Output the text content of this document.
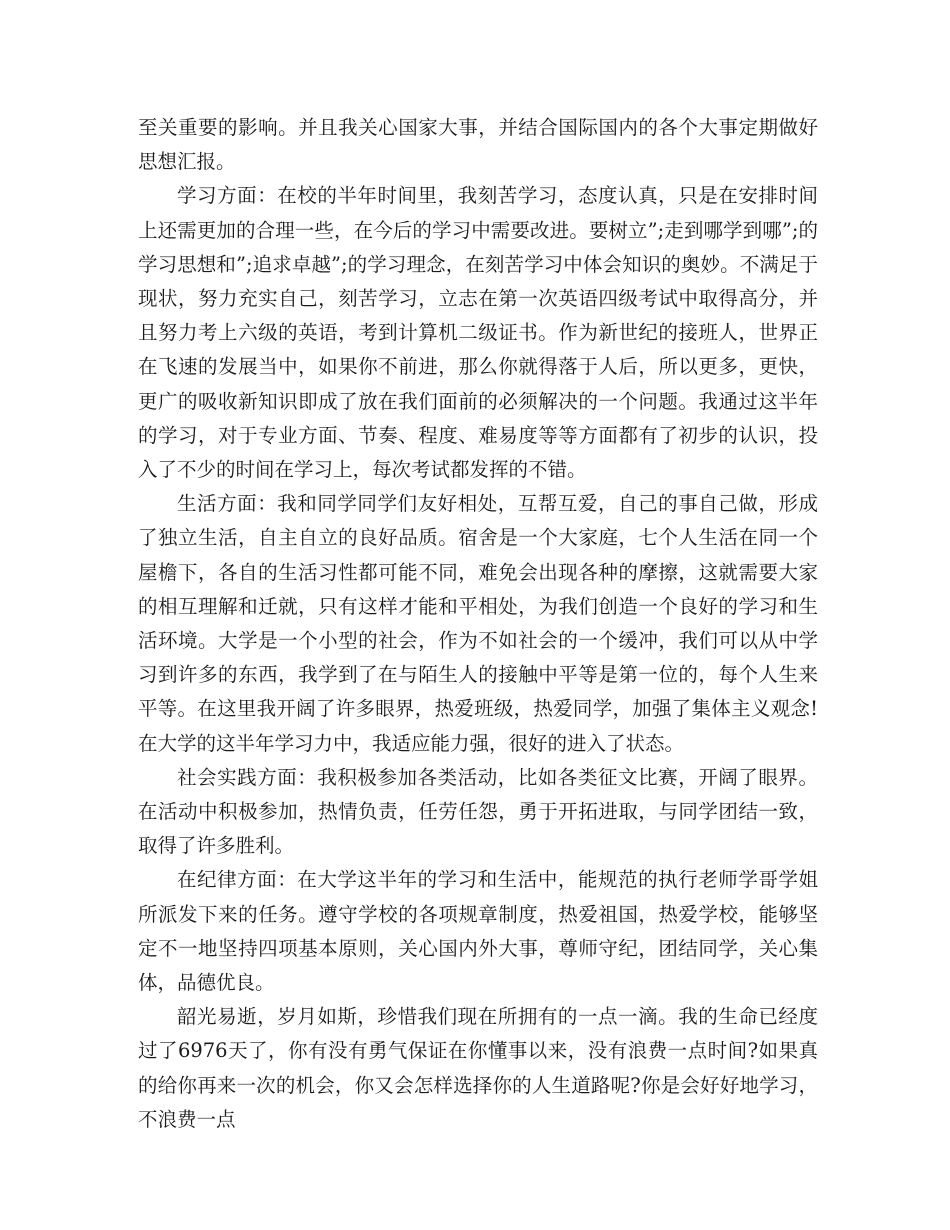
至关重要的影响。并且我关心国家大事，并结合国际国内的各个大事定期做好思想汇报。

学习方面：在校的半年时间里，我刻苦学习，态度认真，只是在安排时间上还需更加的合理一些，在今后的学习中需要改进。要树立”;走到哪学到哪”;的学习思想和”;追求卓越”;的学习理念，在刻苦学习中体会知识的奥妙。不满足于现状，努力充实自己，刻苦学习，立志在第一次英语四级考试中取得高分，并且努力考上六级的英语，考到计算机二级证书。作为新世纪的接班人，世界正在飞速的发展当中，如果你不前进，那么你就得落于人后，所以更多，更快，更广的吸收新知识即成了放在我们面前的必须解决的一个问题。我通过这半年的学习，对于专业方面、节奏、程度、难易度等等方面都有了初步的认识，投入了不少的时间在学习上，每次考试都发挥的不错。

生活方面：我和同学同学们友好相处，互帮互爱，自己的事自己做，形成了独立生活，自主自立的良好品质。宿舍是一个大家庭，七个人生活在同一个屋檐下，各自的生活习性都可能不同，难免会出现各种的摩擦，这就需要大家的相互理解和迁就，只有这样才能和平相处，为我们创造一个良好的学习和生活环境。大学是一个小型的社会，作为不如社会的一个缓冲，我们可以从中学习到许多的东西，我学到了在与陌生人的接触中平等是第一位的，每个人生来平等。在这里我开阔了许多眼界，热爱班级，热爱同学，加强了集体主义观念!在大学的这半年学习力中，我适应能力强，很好的进入了状态。

社会实践方面：我积极参加各类活动，比如各类征文比赛，开阔了眼界。在活动中积极参加，热情负责，任劳任怨，勇于开拓进取，与同学团结一致，取得了许多胜利。

在纪律方面：在大学这半年的学习和生活中，能规范的执行老师学哥学姐所派发下来的任务。遵守学校的各项规章制度，热爱祖国，热爱学校，能够坚定不一地坚持四项基本原则，关心国内外大事，尊师守纪，团结同学，关心集体，品德优良。

韶光易逝，岁月如斯，珍惜我们现在所拥有的一点一滴。我的生命已经度过了6976天了，你有没有勇气保证在你懂事以来，没有浪费一点时间?如果真的给你再来一次的机会，你又会怎样选择你的人生道路呢?你是会好好地学习，不浪费一点
